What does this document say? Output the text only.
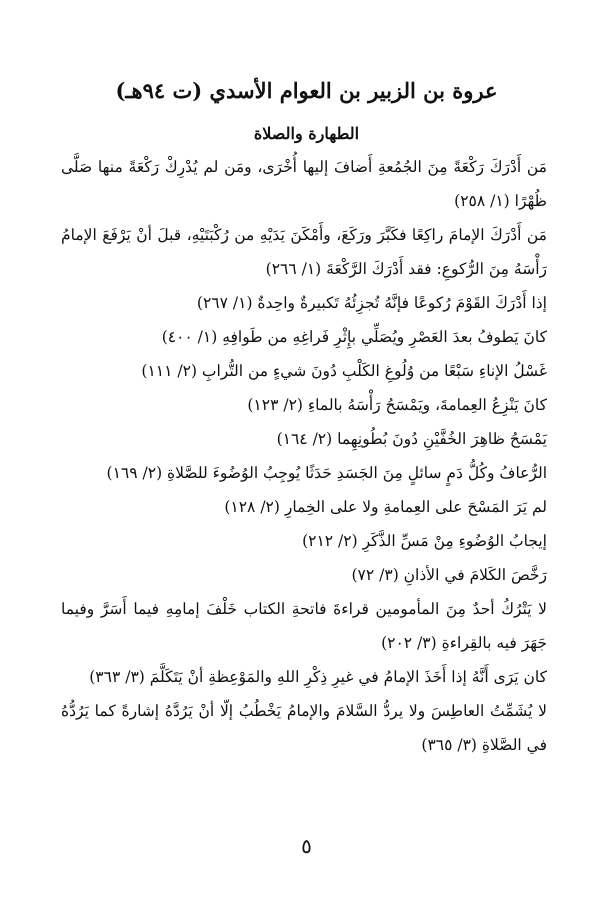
عروة بن الزبير بن العوام الأسدي (ت ٩٤هـ)
الطهارة والصلاة

مَن أَدْرَكَ رَكْعَةً مِنَ الجُمُعةِ أَضافَ إليها أُخْرَى، ومَن لم يُدْرِكْ رَكْعَةً منها صَلَّى ظُهْرًا (١/ ٢٥٨)

مَن أَدْرَكَ الإمامَ راكِعًا فكَبَّرَ ورَكَعَ، وأَمْكَنَ يَدَيْهِ من رُكْبَتَيْهِ، قبلَ أنْ يَرْفَعَ الإمامُ رَأْسَهُ مِنَ الرُّكوعِ: فقد أَدْرَكَ الرَّكْعَةَ (١/ ٢٦٦)

إذا أَدْرَكَ القَوْمَ رُكوعًا فإنَّهُ تُجزِئُهُ تَكبيرةٌ واحِدةٌ (١/ ٢٦٧)

كانَ يَطوفُ بعدَ العَصْرِ ويُصَلِّي بإِثْرِ فَراغِهِ من طَوافِهِ (١/ ٤٠٠)

غَسْلُ الإناءِ سَبْعًا من وُلُوغِ الكَلْبِ دُونَ شيءٍ من التُّرابِ (٢/ ١١١)

كانَ يَنْزِعُ العِمامةَ، ويَمْسَحُ رَأْسَهُ بالماءِ (٢/ ١٢٣)

يَمْسَحُ ظاهِرَ الخُفَّيْنِ دُونَ بُطُونِهِما (٢/ ١٦٤)

الرُّعافُ وكُلُّ دَمٍ سائلٍ مِنَ الجَسَدِ حَدَثًا يُوجِبُ الوُضُوءَ للصَّلاةِ (٢/ ١٦٩)

لم يَرَ المَسْحَ على العِمامةِ ولا على الخِمارِ (٢/ ١٢٨)

إيجابُ الوُضُوءِ مِنْ مَسِّ الذَّكَرِ (٢/ ٢١٢)

رَخَّصَ الكَلامَ في الأذانِ (٣/ ٧٢)

لا يَتْرُكُ أحدٌ مِنَ المأمومين قراءةَ فاتحةِ الكتاب خَلْفَ إمامِهِ فيما أَسَرَّ وفيما جَهَرَ فيه بالقِراءةِ (٣/ ٢٠٢)

كان يَرَى أَنَّهُ إذا أَخَذَ الإمامُ في غيرِ ذِكْرِ اللهِ والمَوْعِظةِ أنْ يَتَكَلَّمَ (٣/ ٣٦٣)

لا يُشَمِّتُ العاطِسَ ولا يردُّ السَّلامَ والإمامُ يَخْطُبُ إلّا أنْ يَرُدَّهُ إشارةً كما يَرُدُّهُ في الصَّلاةِ (٣/ ٣٦٥)

٥
